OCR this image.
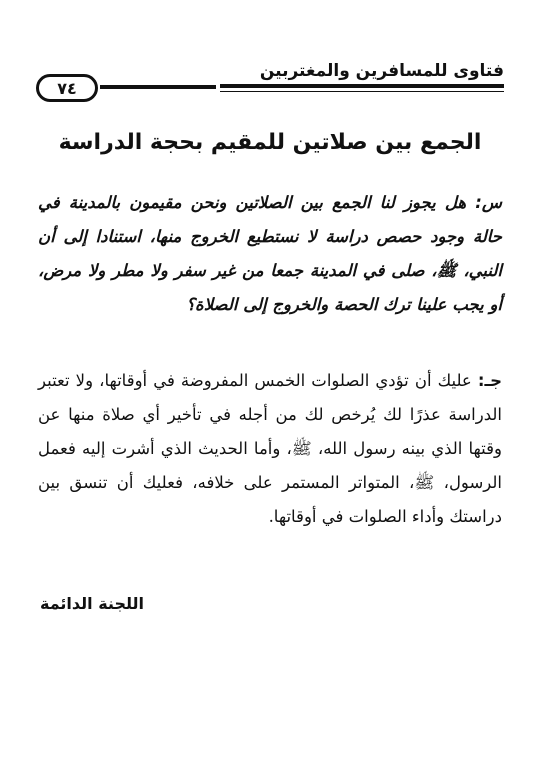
فتاوى للمسافرين والمغتربين
٧٤
الجمع بين صلاتين للمقيم بحجة الدراسة
س: هل يجوز لنا الجمع بين الصلاتين ونحن مقيمون بالمدينة في حالة وجود حصص دراسة لا نستطيع الخروج منها، استنادا إلى أن النبي، ﷺ، صلى في المدينة جمعا من غير سفر ولا مطر ولا مرض، أو يجب علينا ترك الحصة والخروج إلى الصلاة؟
جـ: عليك أن تؤدي الصلوات الخمس المفروضة في أوقاتها، ولا تعتبر الدراسة عذرًا لك يُرخص لك من أجله في تأخير أي صلاة منها عن وقتها الذي بينه رسول الله، ﷺ، وأما الحديث الذي أشرت إليه فعمل الرسول، ﷺ، المتواتر المستمر على خلافه، فعليك أن تنسق بين دراستك وأداء الصلوات في أوقاتها.
اللجنة الدائمة
